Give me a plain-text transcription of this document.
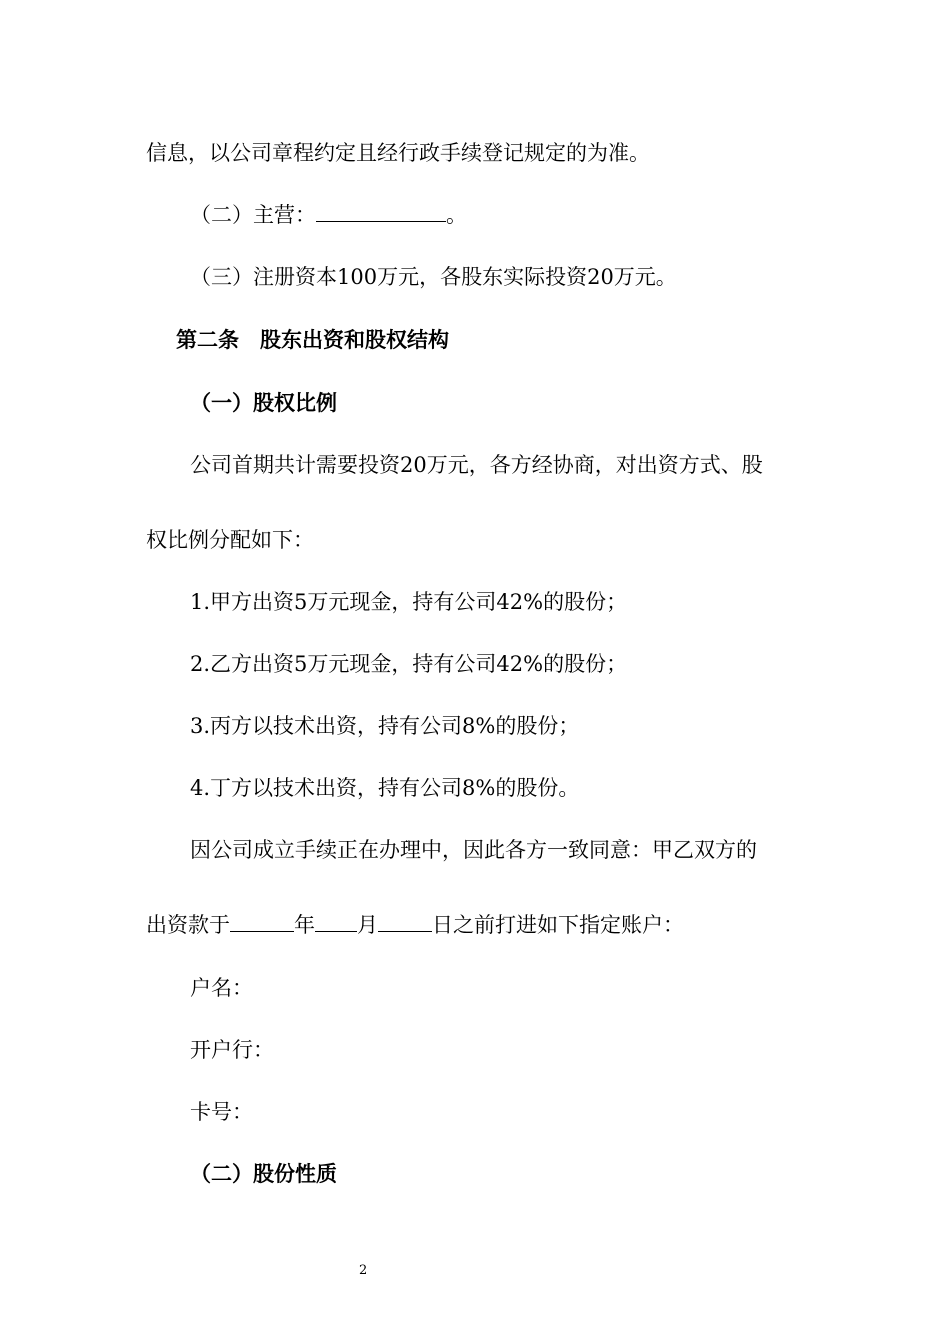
信息，以公司章程约定且经行政手续登记规定的为准。
（二）主营：	。
（三）注册资本100万元，各股东实际投资20万元。
第二条　股东出资和股权结构
（一）股权比例
公司首期共计需要投资20万元，各方经协商，对出资方式、股
权比例分配如下：
1.甲方出资5万元现金，持有公司42%的股份；
2.乙方出资5万元现金，持有公司42%的股份；
3.丙方以技术出资，持有公司8%的股份；
4.丁方以技术出资，持有公司8%的股份。
因公司成立手续正在办理中，因此各方一致同意：甲乙双方的
出资款于	年 月	日之前打进如下指定账户：
户名：
开户行：
卡号：
（二）股份性质
2
